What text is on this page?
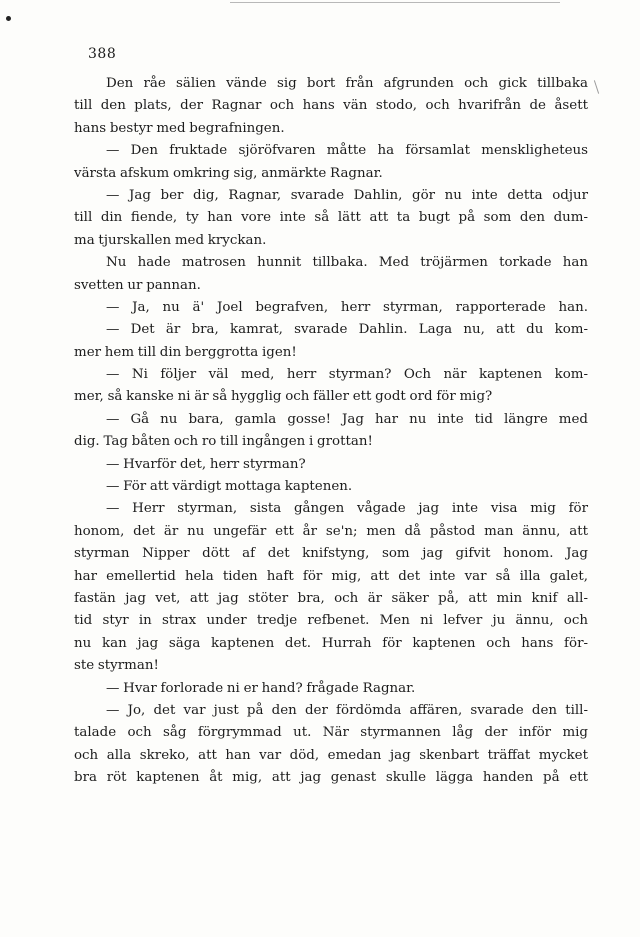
388
Den råe sälien vände sig bort från afgrunden och gick tillbaka
till den plats, der Ragnar och hans vän stodo, och hvarifrån de åsett
hans bestyr med begrafningen.
— Den fruktade sjöröfvaren måtte ha församlat menskligheteus
värsta afskum omkring sig, anmärkte Ragnar.
— Jag ber dig, Ragnar, svarade Dahlin, gör nu inte detta odjur
till din fiende, ty han vore inte så lätt att ta bugt på som den dum-
ma tjurskallen med kryckan.
Nu hade matrosen hunnit tillbaka. Med tröjärmen torkade han
svetten ur pannan.
— Ja, nu ä' Joel begrafven, herr styrman, rapporterade han.
— Det är bra, kamrat, svarade Dahlin. Laga nu, att du kom-
mer hem till din berggrotta igen!
— Ni följer väl med, herr styrman? Och när kaptenen kom-
mer, så kanske ni är så hygglig och fäller ett godt ord för mig?
— Gå nu bara, gamla gosse! Jag har nu inte tid längre med
dig. Tag båten och ro till ingången i grottan!
— Hvarför det, herr styrman?
— För att värdigt mottaga kaptenen.
— Herr styrman, sista gången vågade jag inte visa mig för
honom, det är nu ungefär ett år se'n; men då påstod man ännu, att
styrman Nipper dött af det knifstyng, som jag gifvit honom. Jag
har emellertid hela tiden haft för mig, att det inte var så illa galet,
fastän jag vet, att jag stöter bra, och är säker på, att min knif all-
tid styr in strax under tredje refbenet. Men ni lefver ju ännu, och
nu kan jag säga kaptenen det. Hurrah för kaptenen och hans för-
ste styrman!
— Hvar forlorade ni er hand? frågade Ragnar.
— Jo, det var just på den der fördömda affären, svarade den till-
talade och såg förgrymmad ut. När styrmannen låg der inför mig
och alla skreko, att han var död, emedan jag skenbart träffat mycket
bra röt kaptenen åt mig, att jag genast skulle lägga handen på ett
